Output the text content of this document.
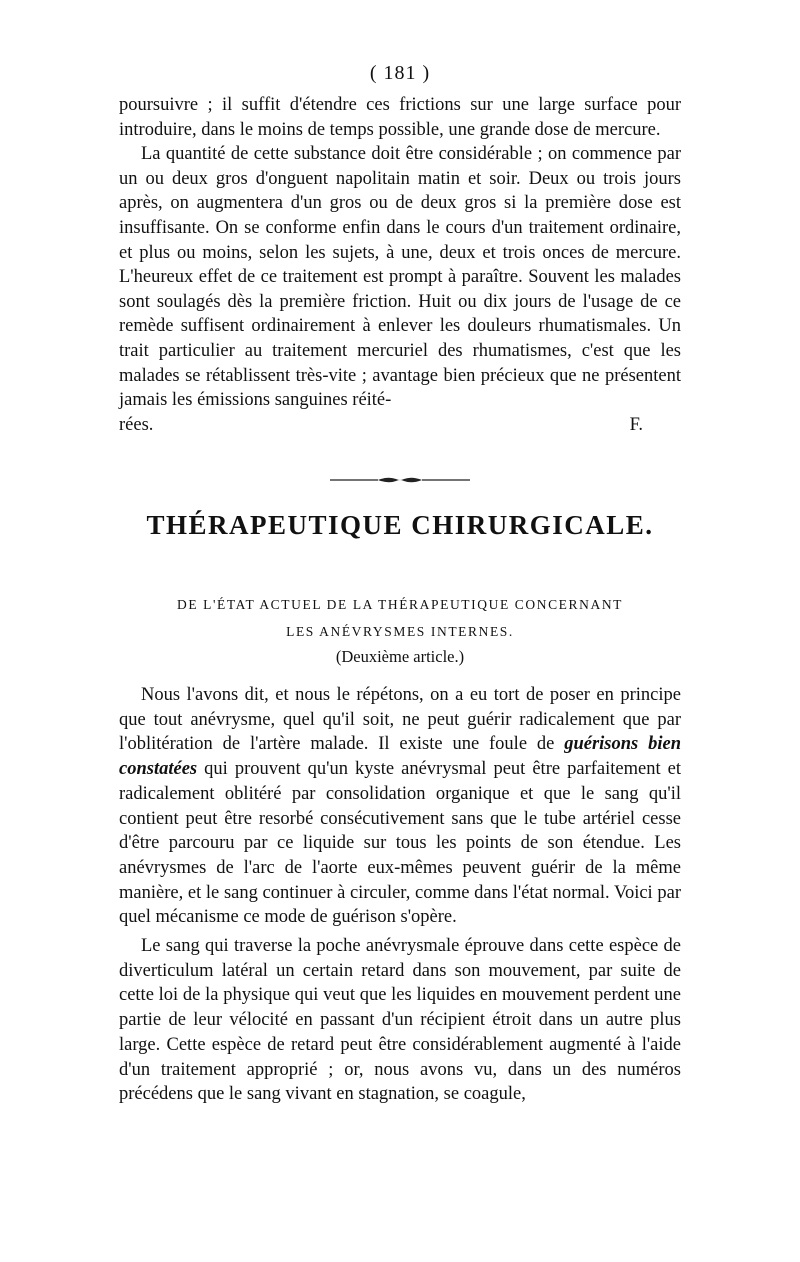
( 181 )

poursuivre ; il suffit d'étendre ces frictions sur une large surface pour introduire, dans le moins de temps possible, une grande dose de mercure.

La quantité de cette substance doit être considérable ; on commence par un ou deux gros d'onguent napolitain matin et soir. Deux ou trois jours après, on augmentera d'un gros ou de deux gros si la première dose est insuffisante. On se conforme enfin dans le cours d'un traitement ordinaire, et plus ou moins, selon les sujets, à une, deux et trois onces de mercure. L'heureux effet de ce traitement est prompt à paraître. Souvent les malades sont soulagés dès la première friction. Huit ou dix jours de l'usage de ce remède suffisent ordinairement à enlever les douleurs rhumatismales. Un trait particulier au traitement mercuriel des rhumatismes, c'est que les malades se rétablissent très-vite ; avantage bien précieux que ne présentent jamais les émissions sanguines réité-

rées.	F.
THÉRAPEUTIQUE CHIRURGICALE.
DE L'ÉTAT ACTUEL DE LA THÉRAPEUTIQUE CONCERNANT
LES ANÉVRYSMES INTERNES.
(Deuxième article.)

Nous l'avons dit, et nous le répétons, on a eu tort de poser en principe que tout anévrysme, quel qu'il soit, ne peut guérir radicalement que par l'oblitération de l'artère malade. Il existe une foule de guérisons bien constatées qui prouvent qu'un kyste anévrysmal peut être parfaitement et radicalement oblitéré par consolidation organique et que le sang qu'il contient peut être resorbé consécutivement sans que le tube artériel cesse d'être parcouru par ce liquide sur tous les points de son étendue. Les anévrysmes de l'arc de l'aorte eux-mêmes peuvent guérir de la même manière, et le sang continuer à circuler, comme dans l'état normal. Voici par quel mécanisme ce mode de guérison s'opère.

Le sang qui traverse la poche anévrysmale éprouve dans cette espèce de diverticulum latéral un certain retard dans son mouvement, par suite de cette loi de la physique qui veut que les liquides en mouvement perdent une partie de leur vélocité en passant d'un récipient étroit dans un autre plus large. Cette espèce de retard peut être considérablement augmenté à l'aide d'un traitement approprié ; or, nous avons vu, dans un des numéros précédens que le sang vivant en stagnation, se coagule,
